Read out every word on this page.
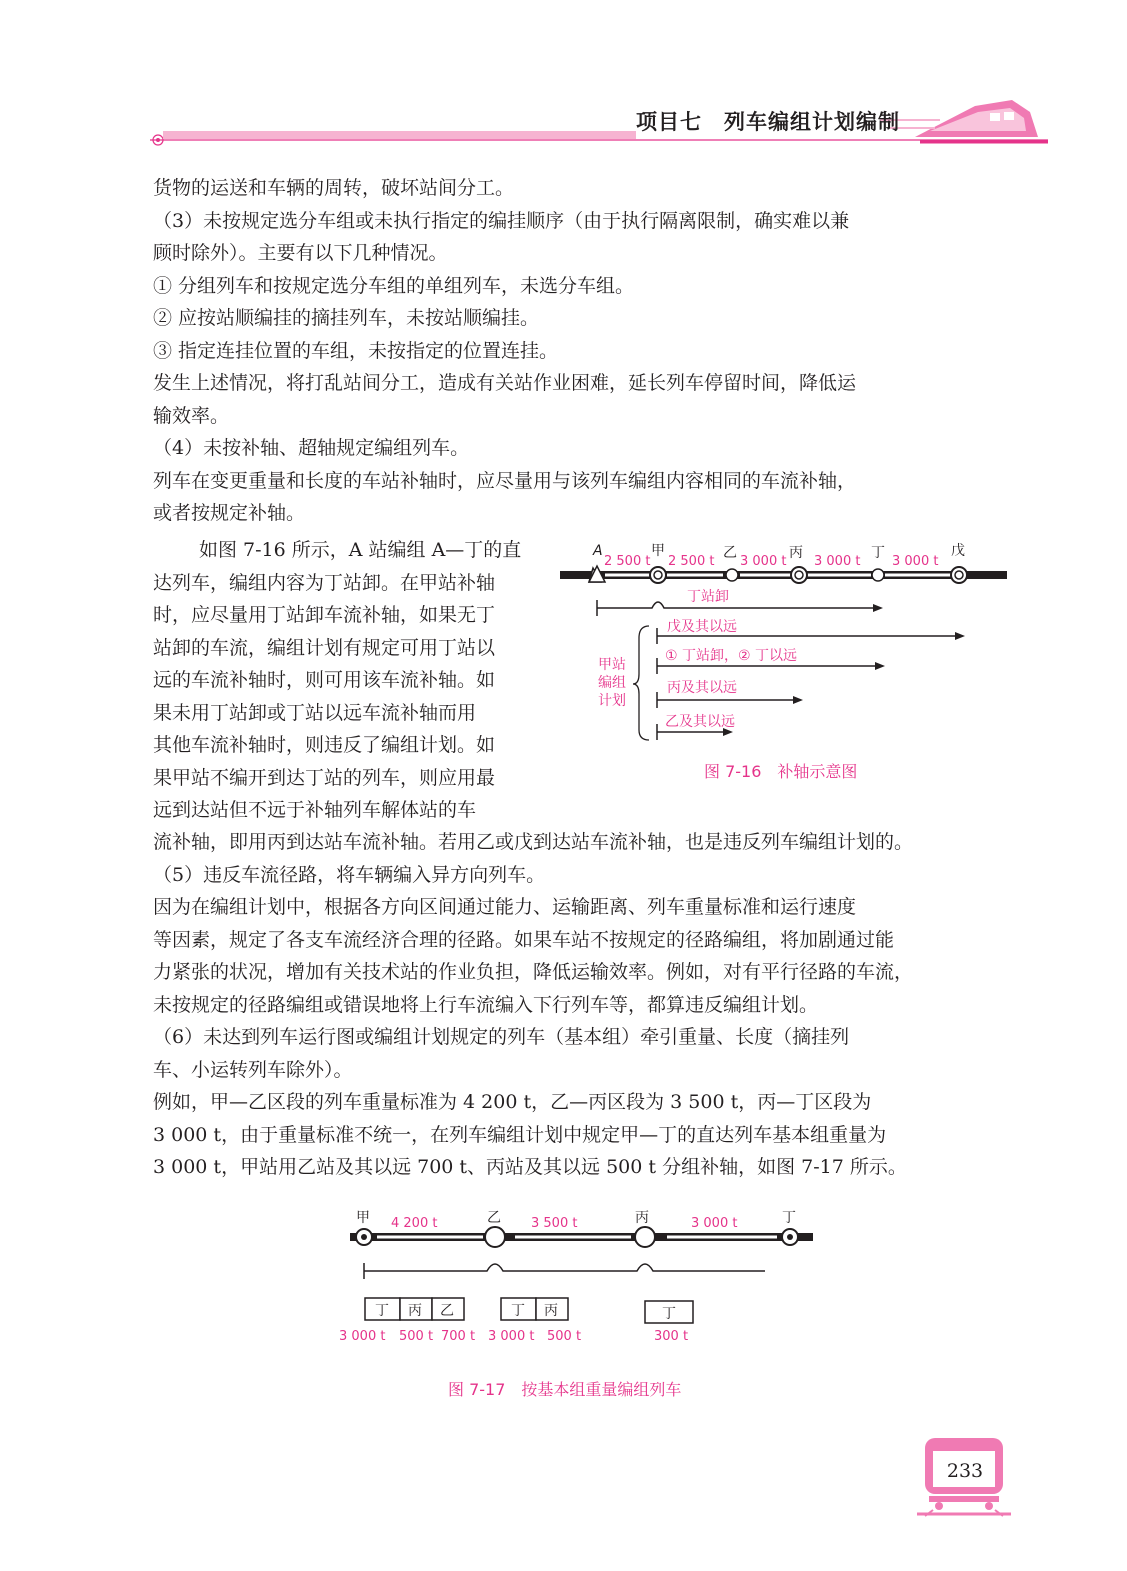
项目七　列车编组计划编制

货物的运送和车辆的周转，破坏站间分工。

（3）未按规定选分车组或未执行指定的编挂顺序（由于执行隔离限制，确实难以兼

顾时除外）。主要有以下几种情况。

① 分组列车和按规定选分车组的单组列车，未选分车组。

② 应按站顺编挂的摘挂列车，未按站顺编挂。

③ 指定连挂位置的车组，未按指定的位置连挂。

发生上述情况，将打乱站间分工，造成有关站作业困难，延长列车停留时间，降低运

输效率。

（4）未按补轴、超轴规定编组列车。

列车在变更重量和长度的车站补轴时，应尽量用与该列车编组内容相同的车流补轴，

或者按规定补轴。

如图 7-16 所示，A 站编组 A—丁的直
达列车，编组内容为丁站卸。在甲站补轴
时，应尽量用丁站卸车流补轴，如果无丁
站卸的车流，编组计划有规定可用丁站以
远的车流补轴时，则可用该车流补轴。如
果未用丁站卸或丁站以远车流补轴而用
其他车流补轴时，则违反了编组计划。如
果甲站不编开到达丁站的列车，则应用最
远到达站但不远于补轴列车解体站的车
A	甲	乙	丙	丁	戊
2 500 t 2 500 t 3 000 t 3 000 t 3 000 t
丁站卸
甲站
编组
计划
戊及其以远
① 丁站卸，② 丁以远
丙及其以远
乙及其以远
图 7-16　补轴示意图

流补轴，即用丙到达站车流补轴。若用乙或戊到达站车流补轴，也是违反列车编组计划的。

（5）违反车流径路，将车辆编入异方向列车。

因为在编组计划中，根据各方向区间通过能力、运输距离、列车重量标准和运行速度

等因素，规定了各支车流经济合理的径路。如果车站不按规定的径路编组，将加剧通过能

力紧张的状况，增加有关技术站的作业负担，降低运输效率。例如，对有平行径路的车流，

未按规定的径路编组或错误地将上行车流编入下行列车等，都算违反编组计划。

（6）未达到列车运行图或编组计划规定的列车（基本组）牵引重量、长度（摘挂列

车、小运转列车除外）。

例如，甲—乙区段的列车重量标准为 4 200 t，乙—丙区段为 3 500 t，丙—丁区段为

3 000 t，由于重量标准不统一，在列车编组计划中规定甲—丁的直达列车基本组重量为

3 000 t，甲站用乙站及其以远 700 t、丙站及其以远 500 t 分组补轴，如图 7-17 所示。

甲	乙	丙	丁
4 200 t	3 500 t	3 000 t
丁 丙 乙
3 000 t 500 t 700 t
丁 丙
3 000 t 500 t
丁
300 t
图 7-17　按基本组重量编组列车
233
